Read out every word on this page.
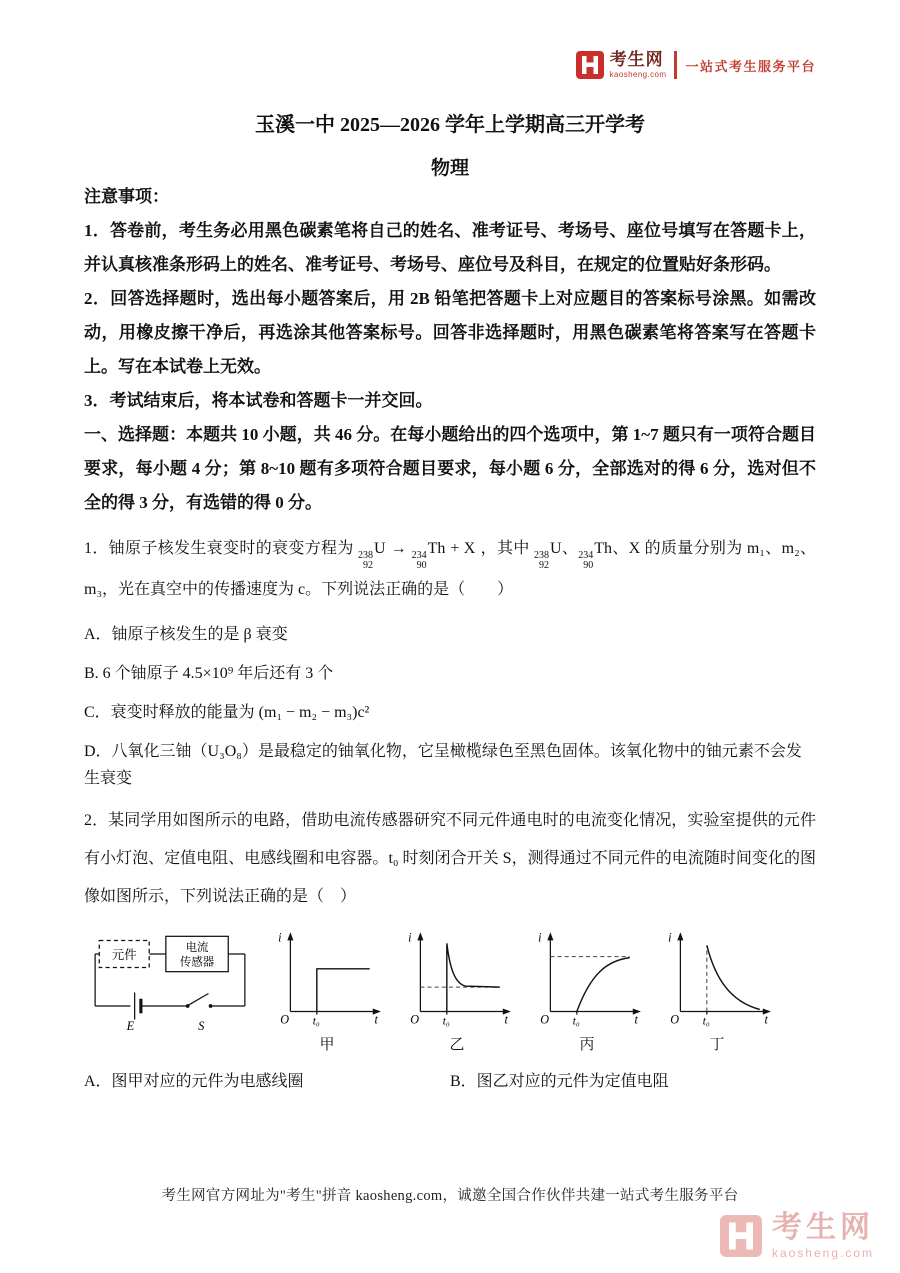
考生网
kaosheng.com
一站式考生服务平台
玉溪一中 2025—2026 学年上学期高三开学考
物理

注意事项：

1．答卷前，考生务必用黑色碳素笔将自己的姓名、准考证号、考场号、座位号填写在答题卡上，并认真核准条形码上的姓名、准考证号、考场号、座位号及科目，在规定的位置贴好条形码。

2．回答选择题时，选出每小题答案后，用 2B 铅笔把答题卡上对应题目的答案标号涂黑。如需改动，用橡皮擦干净后，再选涂其他答案标号。回答非选择题时，用黑色碳素笔将答案写在答题卡上。写在本试卷上无效。

3．考试结束后，将本试卷和答题卡一并交回。

一、选择题：本题共 10 小题，共 46 分。在每小题给出的四个选项中，第 1~7 题只有一项符合题目要求，每小题 4 分；第 8~10 题有多项符合题目要求，每小题 6 分，全部选对的得 6 分，选对但不全的得 3 分，有选错的得 0 分。

1．铀原子核发生衰变时的衰变方程为 238
92
U → 234
90
Th + X ，其中 238
92
U、 234
90
Th、X 的质量分别为 m₁、m₂、m₃，光在真空中的传播速度为 c。下列说法正确的是（　　）

A．铀原子核发生的是 β 衰变

B. 6 个铀原子 4.5×10⁹ 年后还有 3 个

C．衰变时释放的能量为 (m₁ − m₂ − m₃)c²

D．八氧化三铀（U₃O₈）是最稳定的铀氧化物，它呈橄榄绿色至黑色固体。该氧化物中的铀元素不会发生衰变

2．某同学用如图所示的电路，借助电流传感器研究不同元件通电时的电流变化情况，实验室提供的元件有小灯泡、定值电阻、电感线圈和电容器。t₀ 时刻闭合开关 S，测得通过不同元件的电流随时间变化的图像如图所示，下列说法正确的是（　）

元件
电流
传感器
E	S
i
t
O t₀
甲
i
t
O t₀
乙
i
t
O t₀
丙
i
t
O t₀
丁
A．图甲对应的元件为电感线圈	B．图乙对应的元件为定值电阻
考生网官方网址为"考生"拼音 kaosheng.com，诚邀全国合作伙伴共建一站式考生服务平台
考生网
kaosheng.com
